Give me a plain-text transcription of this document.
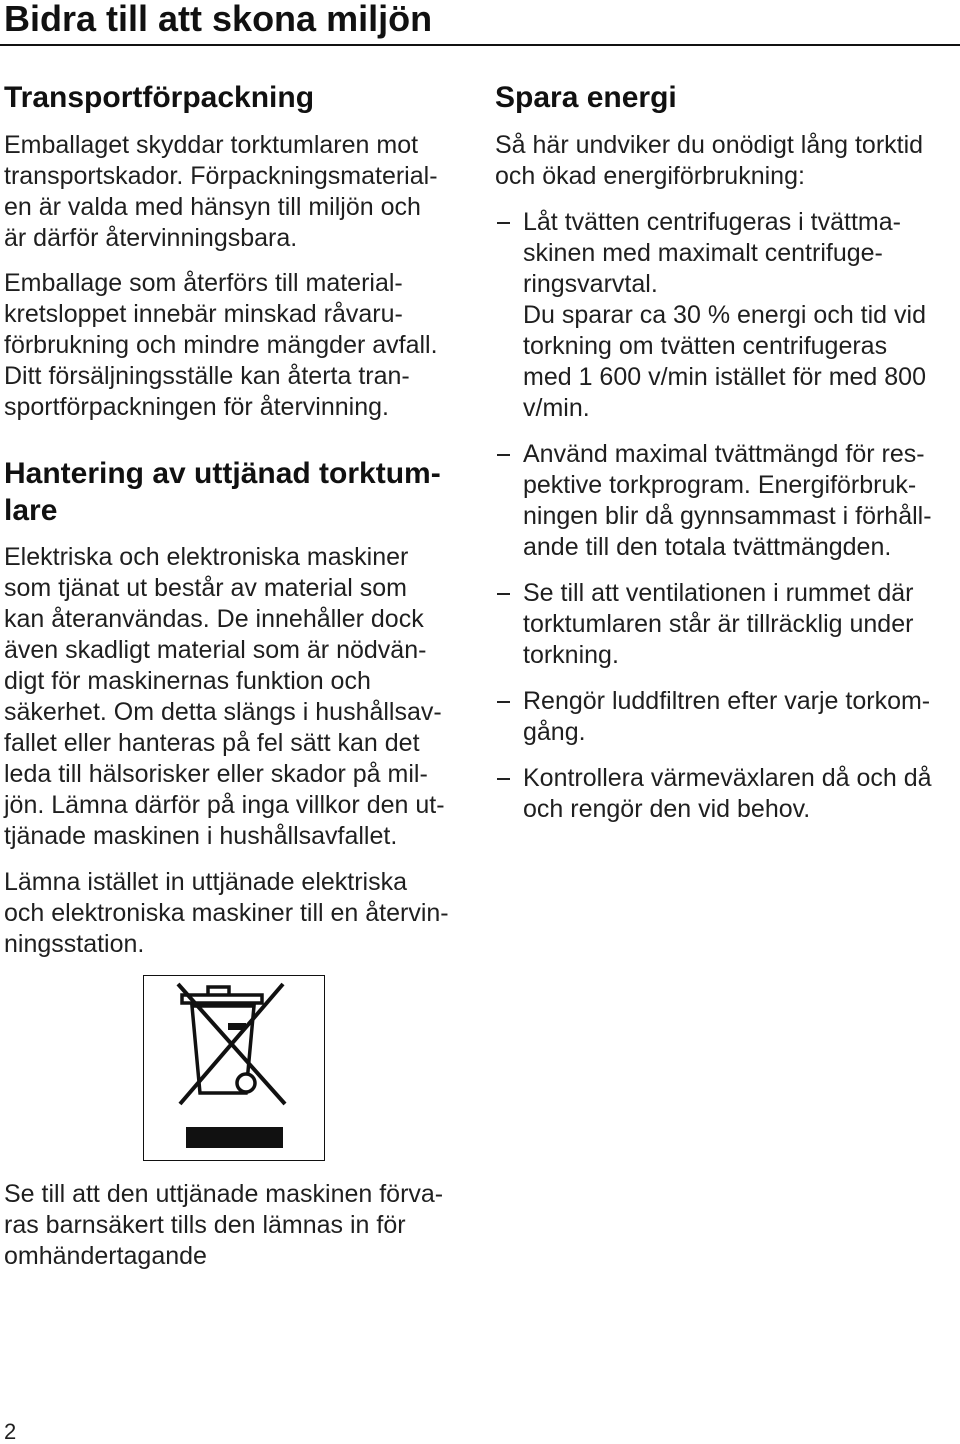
Bidra till att skona miljön
Transportförpackning
Emballaget skyddar torktumlaren mot
transportskador. Förpackningsmaterial-
en är valda med hänsyn till miljön och
är därför återvinningsbara.
Emballage som återförs till material-
kretsloppet innebär minskad råvaru-
förbrukning och mindre mängder avfall.
Ditt försäljningsställe kan återta tran-
sportförpackningen för återvinning.
Hantering av uttjänad torktum-
lare
Elektriska och elektroniska maskiner
som tjänat ut består av material som
kan återanvändas. De innehåller dock
även skadligt material som är nödvän-
digt för maskinernas funktion och
säkerhet. Om detta slängs i hushållsav-
fallet eller hanteras på fel sätt kan det
leda till hälsorisker eller skador på mil-
jön. Lämna därför på inga villkor den ut-
tjänade maskinen i hushållsavfallet.
Lämna istället in uttjänade elektriska
och elektroniska maskiner till en återvin-
ningsstation.
Se till att den uttjänade maskinen förva-
ras barnsäkert tills den lämnas in för
omhändertagande
Spara energi
Så här undviker du onödigt lång torktid
och ökad energiförbrukning:
Låt tvätten centrifugeras i tvättma-
skinen med maximalt centrifuge-
ringsvarvtal.
Du sparar ca 30 % energi och tid vid
torkning om tvätten centrifugeras
med 1 600 v/min istället för med 800
v/min.
Använd maximal tvättmängd för res-
pektive torkprogram. Energiförbruk-
ningen blir då gynnsammast i förhåll-
ande till den totala tvättmängden.
Se till att ventilationen i rummet där
torktumlaren står är tillräcklig under
torkning.
Rengör luddfiltren efter varje torkom-
gång.
Kontrollera värmeväxlaren då och då
och rengör den vid behov.
2
